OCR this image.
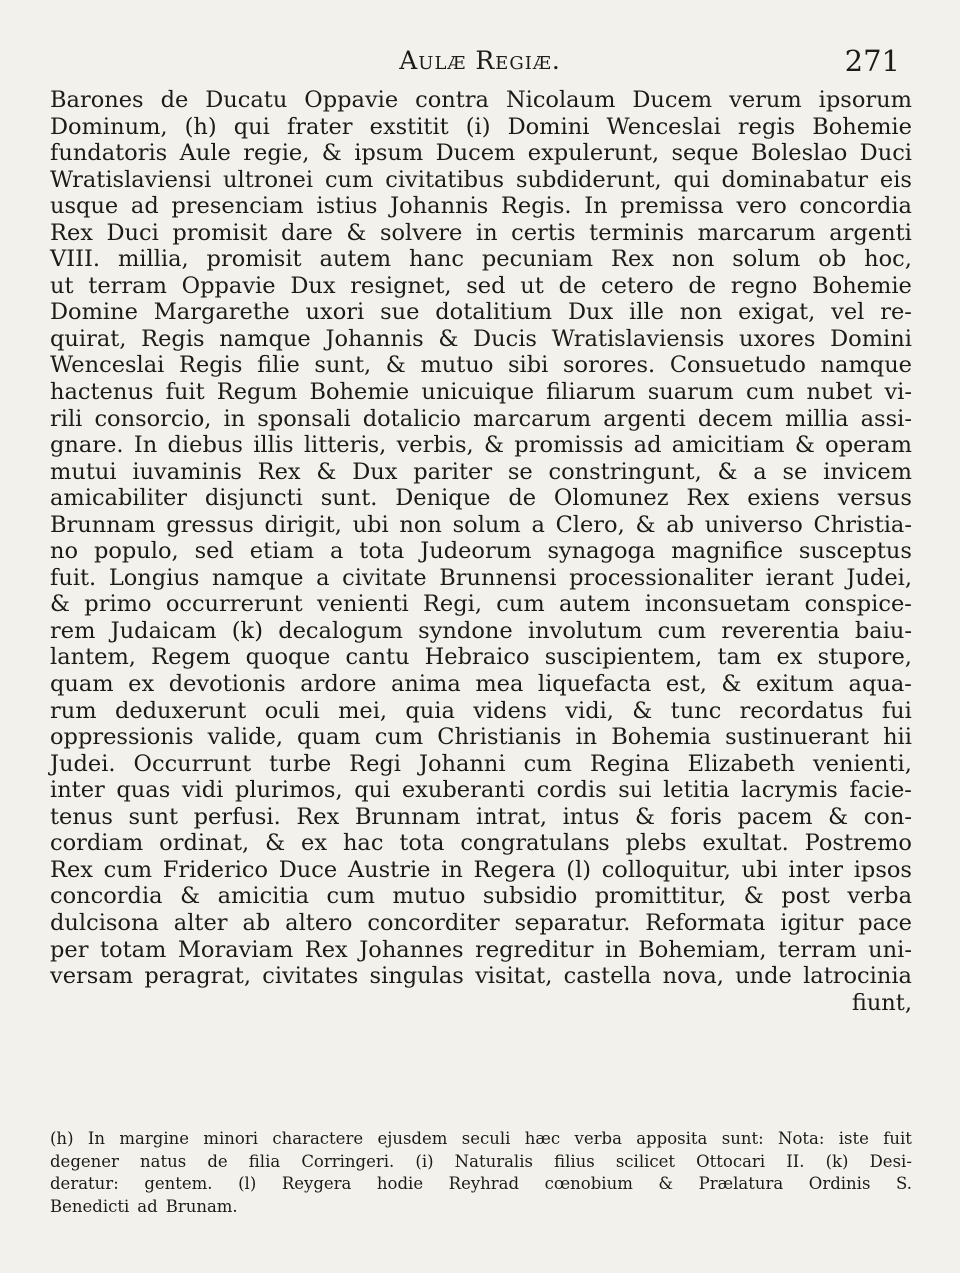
Aulæ Regiæ.	271
Barones de Ducatu Oppavie contra Nicolaum Ducem verum ipsorum
Dominum, (h) qui frater exstitit (i) Domini Wenceslai regis Bohemie
fundatoris Aule regie, & ipsum Ducem expulerunt, seque Boleslao Duci
Wratislaviensi ultronei cum civitatibus subdiderunt, qui dominabatur eis
usque ad presenciam istius Johannis Regis. In premissa vero concordia
Rex Duci promisit dare & solvere in certis terminis marcarum argenti
VIII. millia, promisit autem hanc pecuniam Rex non solum ob hoc,
ut terram Oppavie Dux resignet, sed ut de cetero de regno Bohemie
Domine Margarethe uxori sue dotalitium Dux ille non exigat, vel re-
quirat, Regis namque Johannis & Ducis Wratislaviensis uxores Domini
Wenceslai Regis filie sunt, & mutuo sibi sorores. Consuetudo namque
hactenus fuit Regum Bohemie unicuique filiarum suarum cum nubet vi-
rili consorcio, in sponsali dotalicio marcarum argenti decem millia assi-
gnare. In diebus illis litteris, verbis, & promissis ad amicitiam & operam
mutui iuvaminis Rex & Dux pariter se constringunt, & a se invicem
amicabiliter disjuncti sunt. Denique de Olomunez Rex exiens versus
Brunnam gressus dirigit, ubi non solum a Clero, & ab universo Christia-
no populo, sed etiam a tota Judeorum synagoga magnifice susceptus
fuit. Longius namque a civitate Brunnensi processionaliter ierant Judei,
& primo occurrerunt venienti Regi, cum autem inconsuetam conspice-
rem Judaicam (k) decalogum syndone involutum cum reverentia baiu-
lantem, Regem quoque cantu Hebraico suscipientem, tam ex stupore,
quam ex devotionis ardore anima mea liquefacta est, & exitum aqua-
rum deduxerunt oculi mei, quia videns vidi, & tunc recordatus fui
oppressionis valide, quam cum Christianis in Bohemia sustinuerant hii
Judei. Occurrunt turbe Regi Johanni cum Regina Elizabeth venienti,
inter quas vidi plurimos, qui exuberanti cordis sui letitia lacrymis facie-
tenus sunt perfusi. Rex Brunnam intrat, intus & foris pacem & con-
cordiam ordinat, & ex hac tota congratulans plebs exultat. Postremo
Rex cum Friderico Duce Austrie in Regera (l) colloquitur, ubi inter ipsos
concordia & amicitia cum mutuo subsidio promittitur, & post verba
dulcisona alter ab altero concorditer separatur. Reformata igitur pace
per totam Moraviam Rex Johannes regreditur in Bohemiam, terram uni-
versam peragrat, civitates singulas visitat, castella nova, unde latrocinia
fiunt,
(h) In margine minori charactere ejusdem seculi hæc verba apposita sunt: Nota: iste fuit
degener natus de filia Corringeri. (i) Naturalis filius scilicet Ottocari II. (k) Desi-
deratur: gentem. (l) Reygera hodie Reyhrad cœnobium & Prælatura Ordinis S.
Benedicti ad Brunam.
